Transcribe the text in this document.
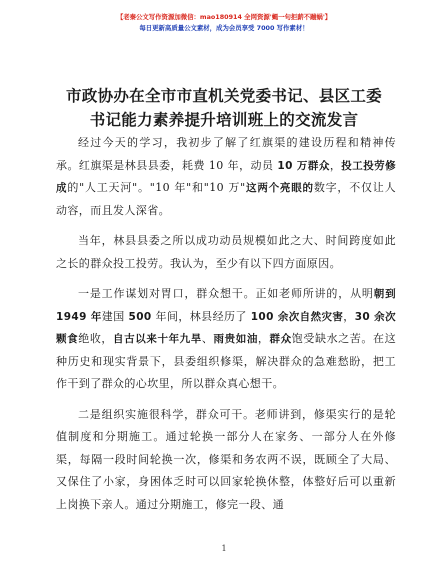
【老秦公文写作资源加微信：mao180914 全网资源'蝿一句拒薪不蹦蜗'】
每日更新高质量公文素材，成为会员享受 7000 写作素材！
市政协办在全市市直机关党委书记、县区工委
书记能力素养提升培训班上的交流发言

经过今天的学习，我初步了解了红旗渠的建设历程和精神传承。红旗渠是林县县委，耗费 10 年，动员 10 万群众，投工投劳修成的"人工天河"。"10 年"和"10 万"这两个亮眼的数字，不仅让人动容，而且发人深省。

当年，林县县委之所以成功动员规模如此之大、时间跨度如此之长的群众投工投劳。我认为，至少有以下四方面原因。

一是工作谋划对胃口，群众想干。正如老师所讲的，从明朝到 1949 年建国 500 年间，林县经历了 100 余次自然灾害，30 余次颗食绝收，自古以来十年九旱、雨贵如油，群众饱受缺水之苦。在这种历史和现实背景下，县委组织修渠，解决群众的急难愁盼，把工作干到了群众的心坎里，所以群众真心想干。

二是组织实施很科学，群众可干。老师讲到，修渠实行的是轮值制度和分期施工。通过轮换一部分人在家务、一部分人在外修渠，每隔一段时间轮换一次，修渠和务农两不误，既顾全了大局、又保住了小家，身困体乏时可以回家轮换休整，体整好后可以重新上岗换下亲人。通过分期施工，修完一段、通

1
